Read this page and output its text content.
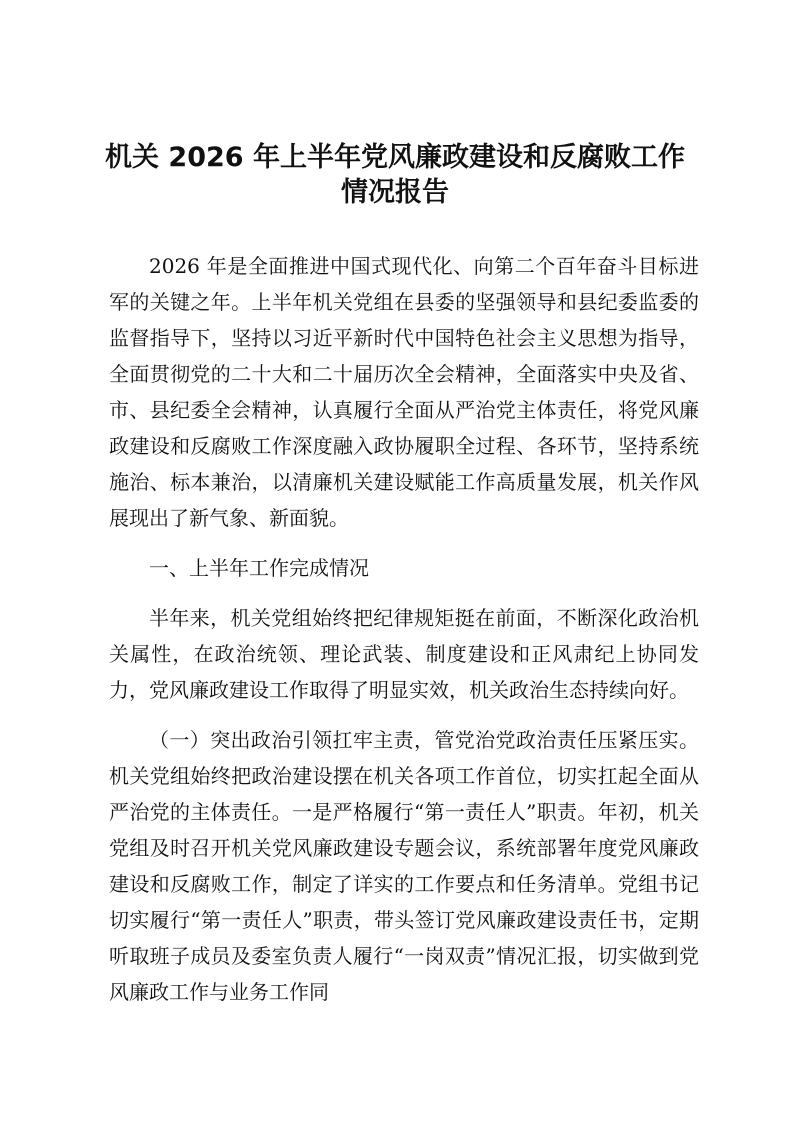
机关 2026 年上半年党风廉政建设和反腐败工作情况报告

2026 年是全面推进中国式现代化、向第二个百年奋斗目标进军的关键之年。上半年机关党组在县委的坚强领导和县纪委监委的监督指导下，坚持以习近平新时代中国特色社会主义思想为指导，全面贯彻党的二十大和二十届历次全会精神，全面落实中央及省、市、县纪委全会精神，认真履行全面从严治党主体责任，将党风廉政建设和反腐败工作深度融入政协履职全过程、各环节，坚持系统施治、标本兼治，以清廉机关建设赋能工作高质量发展，机关作风展现出了新气象、新面貌。

一、上半年工作完成情况

半年来，机关党组始终把纪律规矩挺在前面，不断深化政治机关属性，在政治统领、理论武装、制度建设和正风肃纪上协同发力，党风廉政建设工作取得了明显实效，机关政治生态持续向好。

（一）突出政治引领扛牢主责，管党治党政治责任压紧压实。机关党组始终把政治建设摆在机关各项工作首位，切实扛起全面从严治党的主体责任。一是严格履行“第一责任人”职责。年初，机关党组及时召开机关党风廉政建设专题会议，系统部署年度党风廉政建设和反腐败工作，制定了详实的工作要点和任务清单。党组书记切实履行“第一责任人”职责，带头签订党风廉政建设责任书，定期听取班子成员及委室负责人履行“一岗双责”情况汇报，切实做到党风廉政工作与业务工作同
